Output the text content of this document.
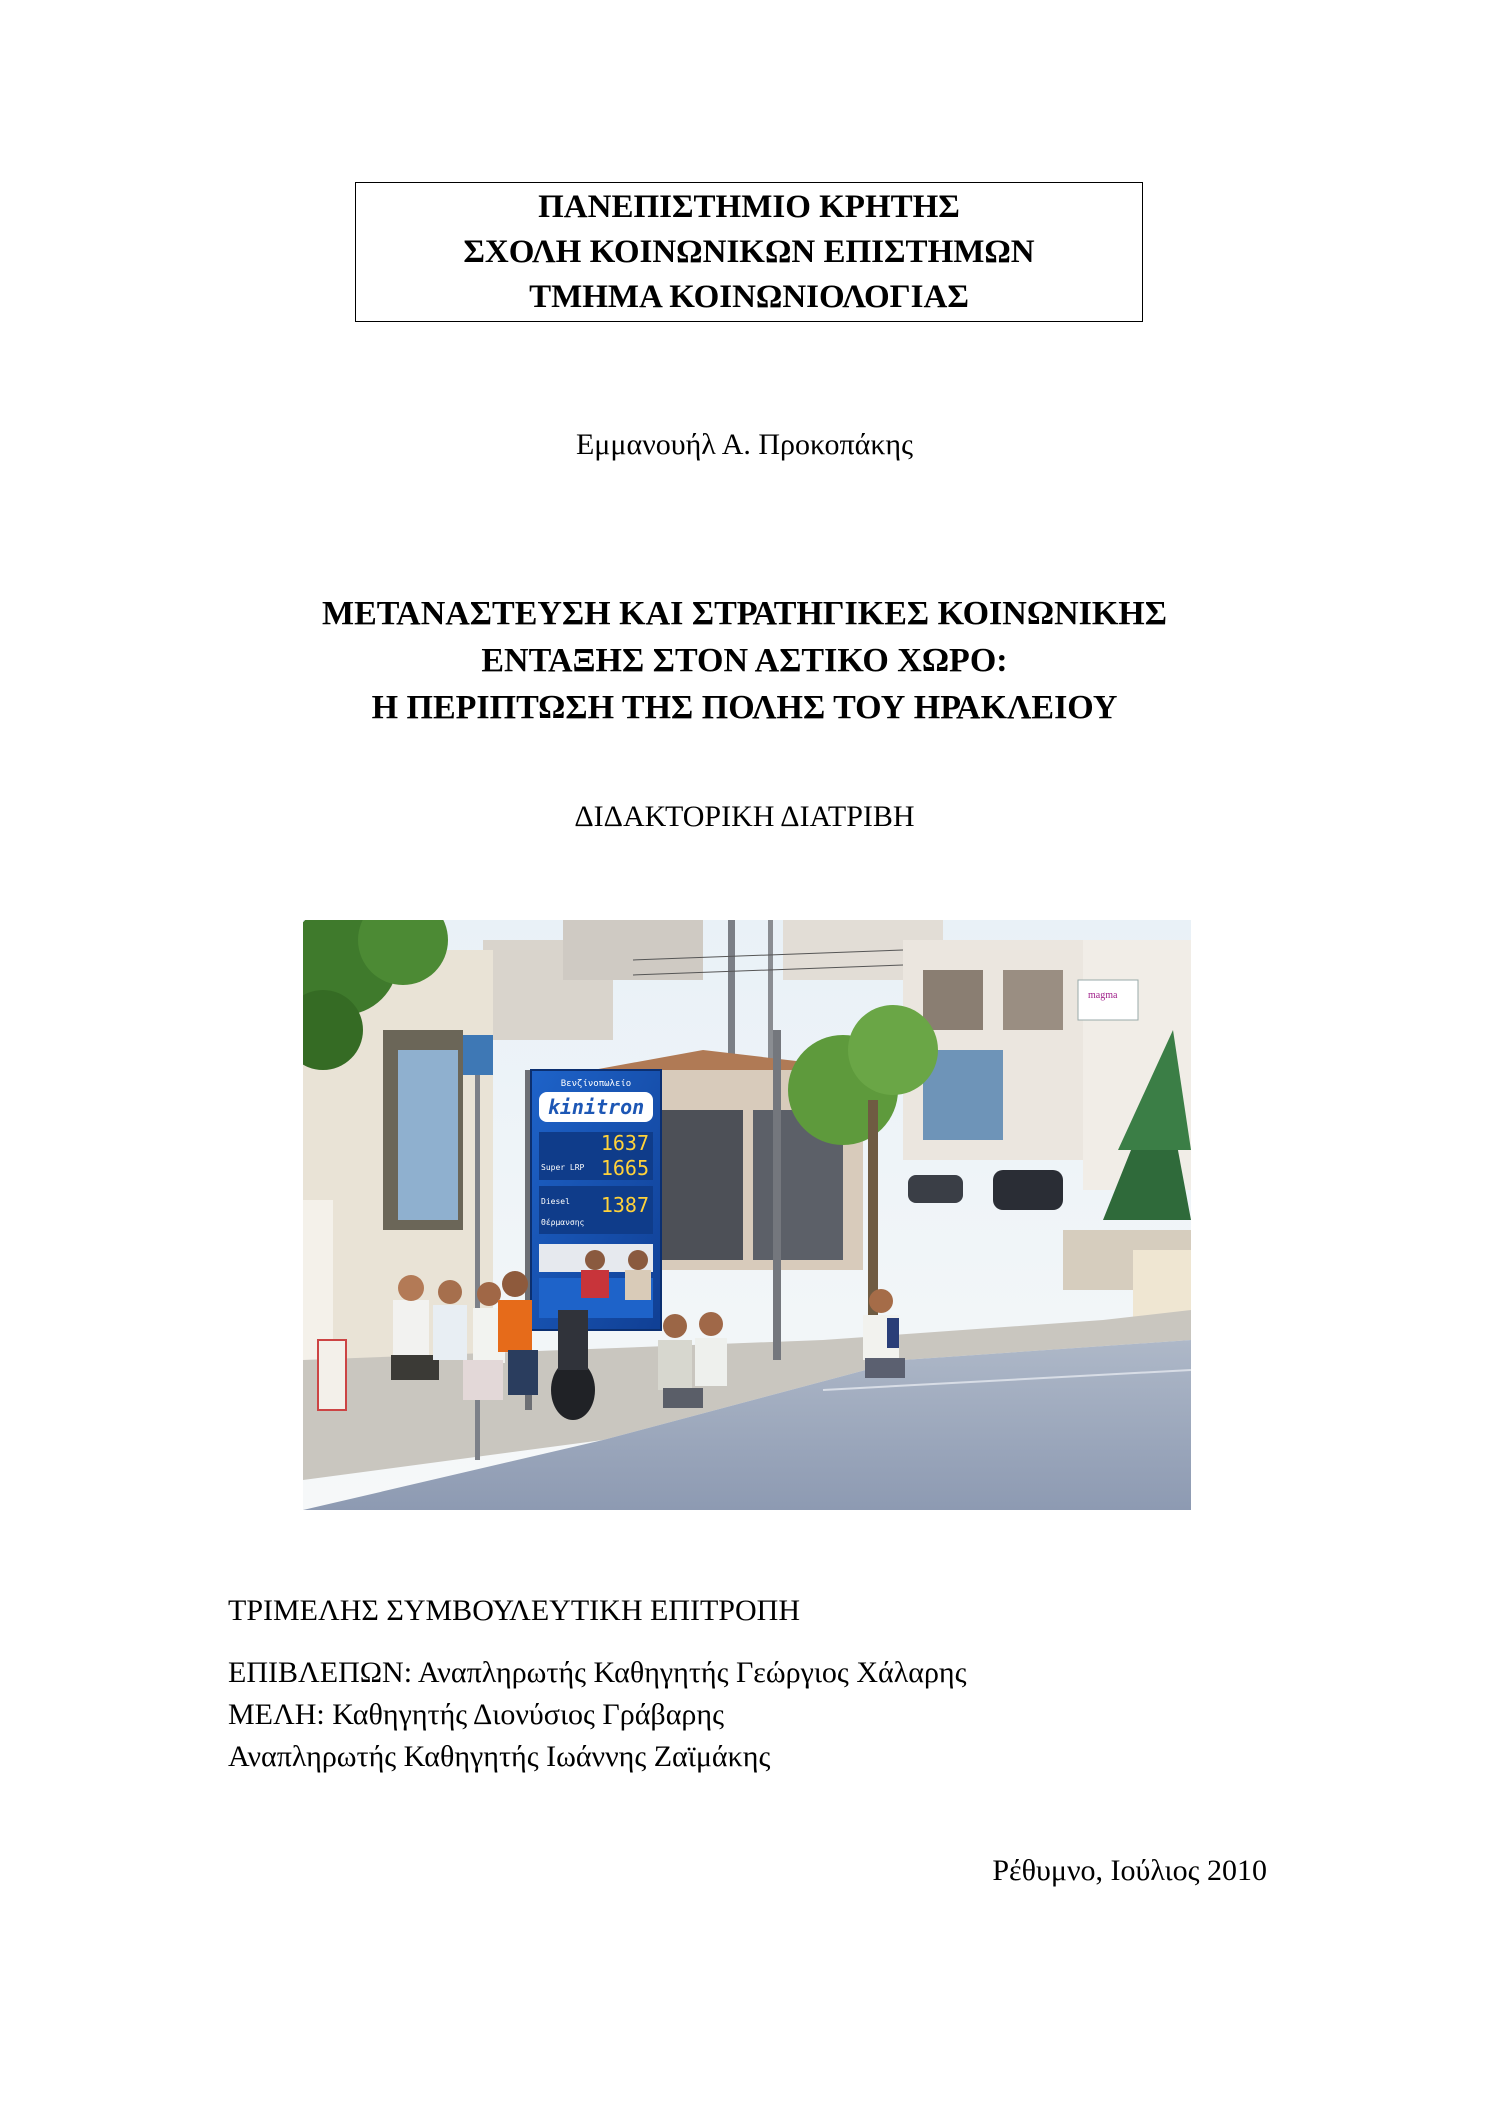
ΠΑΝΕΠΙΣΤΗΜΙΟ ΚΡΗΤΗΣ
ΣΧΟΛΗ ΚΟΙΝΩΝΙΚΩΝ ΕΠΙΣΤΗΜΩΝ
ΤΜΗΜΑ ΚΟΙΝΩΝΙΟΛΟΓΙΑΣ
Εμμανουήλ Α. Προκοπάκης
ΜΕΤΑΝΑΣΤΕΥΣΗ ΚΑΙ ΣΤΡΑΤΗΓΙΚΕΣ ΚΟΙΝΩΝΙΚΗΣ
ΕΝΤΑΞΗΣ ΣΤΟΝ ΑΣΤΙΚΟ ΧΩΡΟ:
Η ΠΕΡΙΠΤΩΣΗ ΤΗΣ ΠΟΛΗΣ ΤΟΥ ΗΡΑΚΛΕΙΟΥ
ΔΙΔΑΚΤΟΡΙΚΗ ΔΙΑΤΡΙΒΗ
magma
Βενζίνοπωλείο
kinitron
Super LRP
1637
1665
Diesel
Θέρμανσης
1387
ΤΡΙΜΕΛΗΣ ΣΥΜΒΟΥΛΕΥΤΙΚΗ ΕΠΙΤΡΟΠΗ
ΕΠΙΒΛΕΠΩΝ: Αναπληρωτής Καθηγητής Γεώργιος Χάλαρης
ΜΕΛΗ: Καθηγητής Διονύσιος Γράβαρης
Αναπληρωτής Καθηγητής Ιωάννης Ζαϊμάκης
Ρέθυμνο, Ιούλιος 2010
